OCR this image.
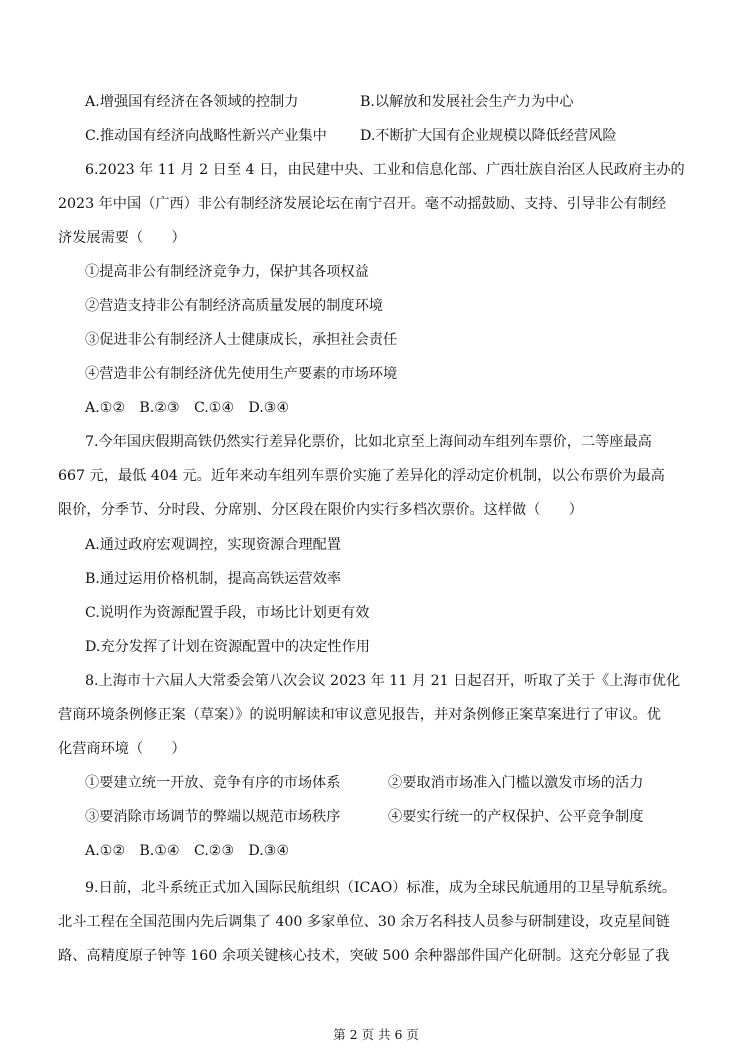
A.增强国有经济在各领域的控制力	B.以解放和发展社会生产力为中心
C.推动国有经济向战略性新兴产业集中 D.不断扩大国有企业规模以降低经营风险
6.2023 年 11 月 2 日至 4 日，由民建中央、工业和信息化部、广西壮族自治区人民政府主办的
2023 年中国（广西）非公有制经济发展论坛在南宁召开。毫不动摇鼓励、支持、引导非公有制经
济发展需要（　　）
①提高非公有制经济竞争力，保护其各项权益
②营造支持非公有制经济高质量发展的制度环境
③促进非公有制经济人士健康成长，承担社会责任
④营造非公有制经济优先使用生产要素的市场环境
A.①②　B.②③　C.①④　D.③④
7.今年国庆假期高铁仍然实行差异化票价，比如北京至上海间动车组列车票价，二等座最高
667 元，最低 404 元。近年来动车组列车票价实施了差异化的浮动定价机制，以公布票价为最高
限价，分季节、分时段、分席别、分区段在限价内实行多档次票价。这样做（　　）
A.通过政府宏观调控，实现资源合理配置
B.通过运用价格机制，提高高铁运营效率
C.说明作为资源配置手段，市场比计划更有效
D.充分发挥了计划在资源配置中的决定性作用
8.上海市十六届人大常委会第八次会议 2023 年 11 月 21 日起召开，听取了关于《上海市优化
营商环境条例修正案（草案）》的说明解读和审议意见报告，并对条例修正案草案进行了审议。优
化营商环境（　　）
①要建立统一开放、竞争有序的市场体系	②要取消市场准入门槛以激发市场的活力
③要消除市场调节的弊端以规范市场秩序	④要实行统一的产权保护、公平竞争制度
A.①②　B.①④　C.②③　D.③④
9.日前，北斗系统正式加入国际民航组织（ICAO）标准，成为全球民航通用的卫星导航系统。
北斗工程在全国范围内先后调集了 400 多家单位、30 余万名科技人员参与研制建设，攻克星间链
路、高精度原子钟等 160 余项关键核心技术，突破 500 余种器部件国产化研制。这充分彰显了我
第 2 页 共 6 页
